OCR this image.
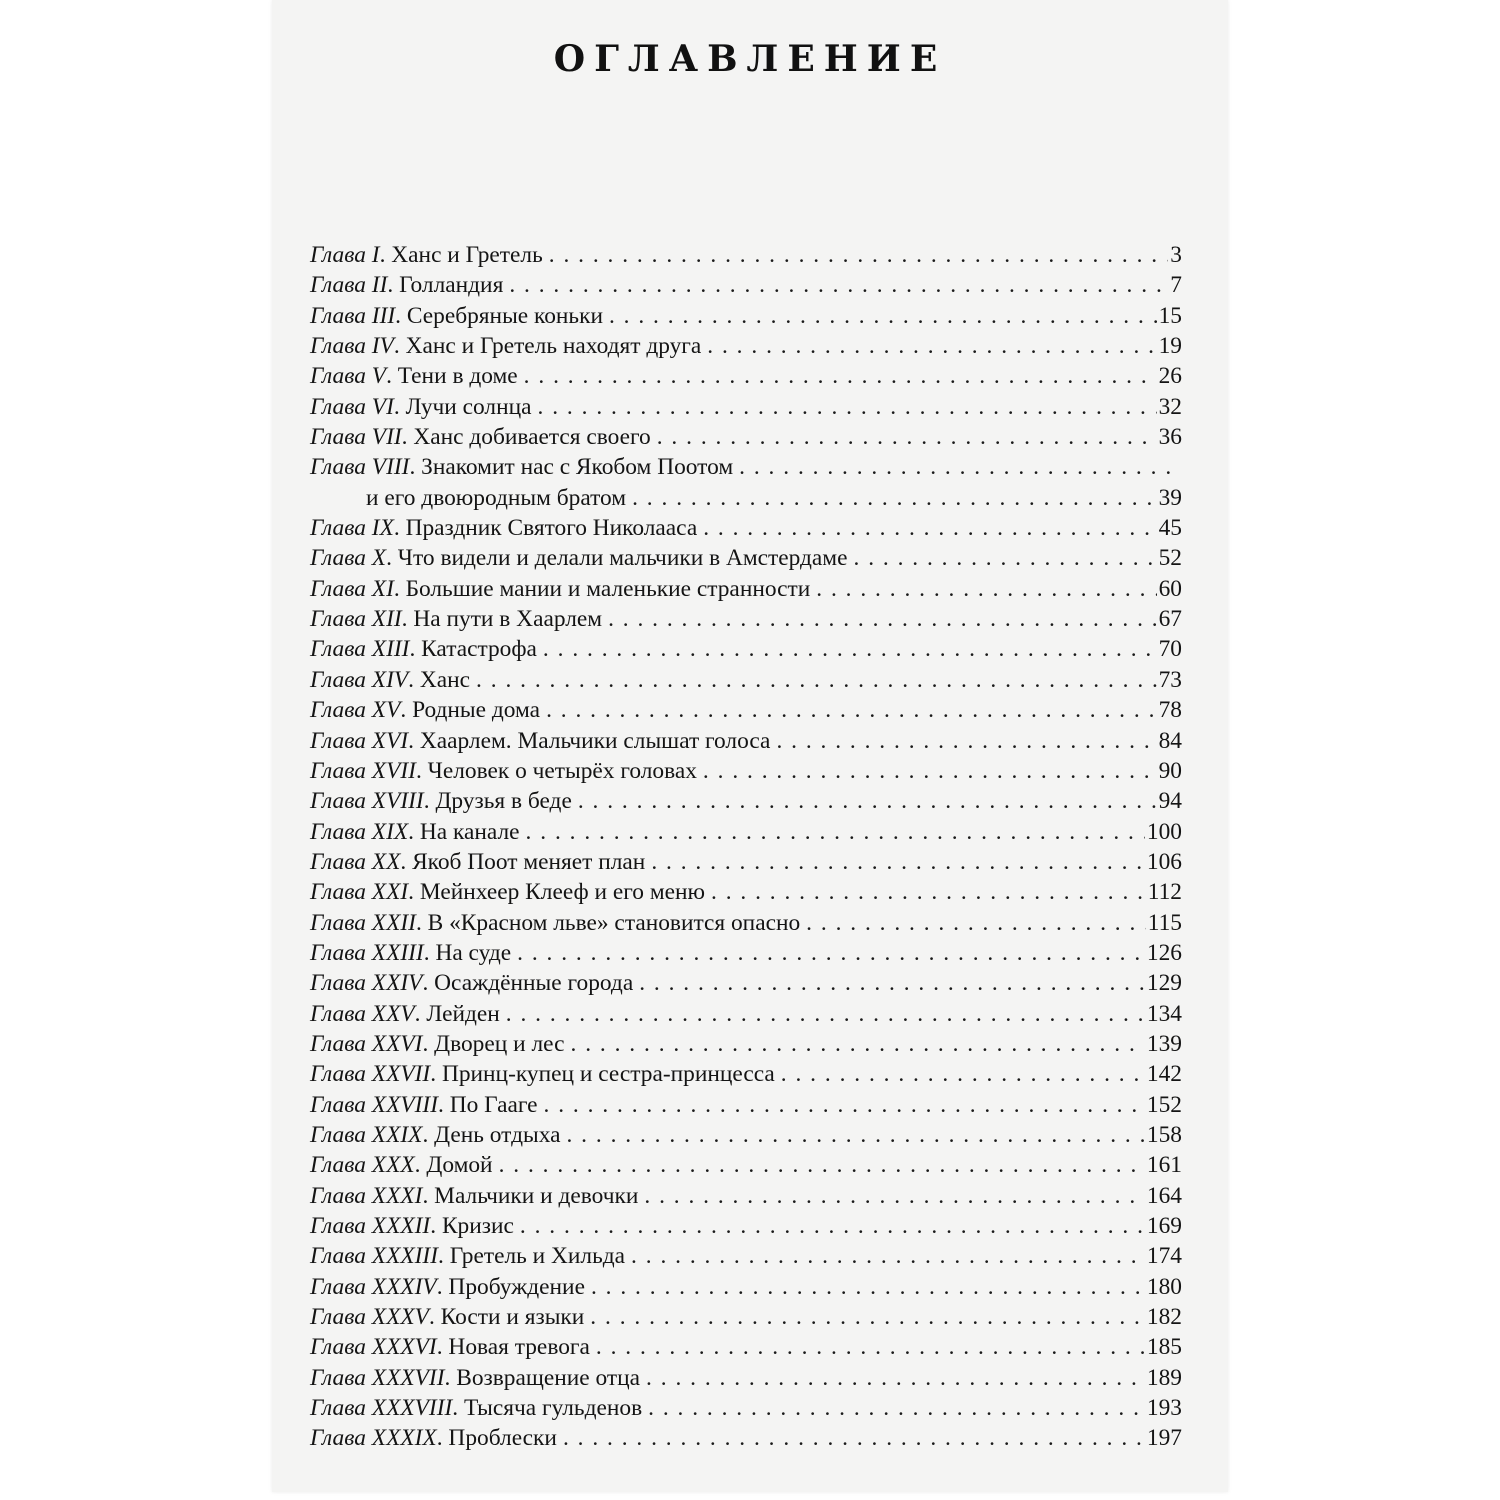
ОГЛАВЛЕНИЕ
Глава I . Ханс и Гретель . . .	3
Глава II . Голландия . . .	7
Глава III . Серебряные коньки . . .	15
Глава IV . Ханс и Гретель находят друга . . .	19
Глава V . Тени в доме . . .	26
Глава VI . Лучи солнца . . .	32
Глава VII . Ханс добивается своего . . .	36
Глава VIII . Знакомит нас с Якобом Поотом
. . .
и его двоюродным братом . . .	39
Глава IX . Праздник Святого Николааса . . .	45
Глава X . Что видели и делали мальчики в Амстердаме . . .	52
Глава XI . Большие мании и маленькие странности . . .	60
Глава XII . На пути в Хаарлем . . .	67
Глава XIII . Катастрофа . . .	70
Глава XIV . Ханс . . .	73
Глава XV . Родные дома . . .	78
Глава XVI . Хаарлем. Мальчики слышат голоса . . .	84
Глава XVII . Человек о четырёх головах . . .	90
Глава XVIII . Друзья в беде . . .	94
Глава XIX . На канале . . .	100
Глава XX . Якоб Поот меняет план . . .	106
Глава XXI . Мейнхеер Клееф и его меню . . .	112
Глава XXII . В «Красном льве» становится опасно . . .	115
Глава XXIII . На суде . . .	126
Глава XXIV . Осаждённые города . . .	129
Глава XXV . Лейден . . .	134
Глава XXVI . Дворец и лес . . .	139
Глава XXVII . Принц-купец и сестра-принцесса . . .	142
Глава XXVIII . По Гааге . . .	152
Глава XXIX . День отдыха . . .	158
Глава XXX . Домой . . .	161
Глава XXXI . Мальчики и девочки . . .	164
Глава XXXII . Кризис . . .	169
Глава XXXIII . Гретель и Хильда . . .	174
Глава XXXIV . Пробуждение . . .	180
Глава XXXV . Кости и языки . . .	182
Глава XXXVI . Новая тревога . . .	185
Глава XXXVII . Возвращение отца . . .	189
Глава XXXVIII . Тысяча гульденов . . .	193
Глава XXXIX . Проблески . . .	197
